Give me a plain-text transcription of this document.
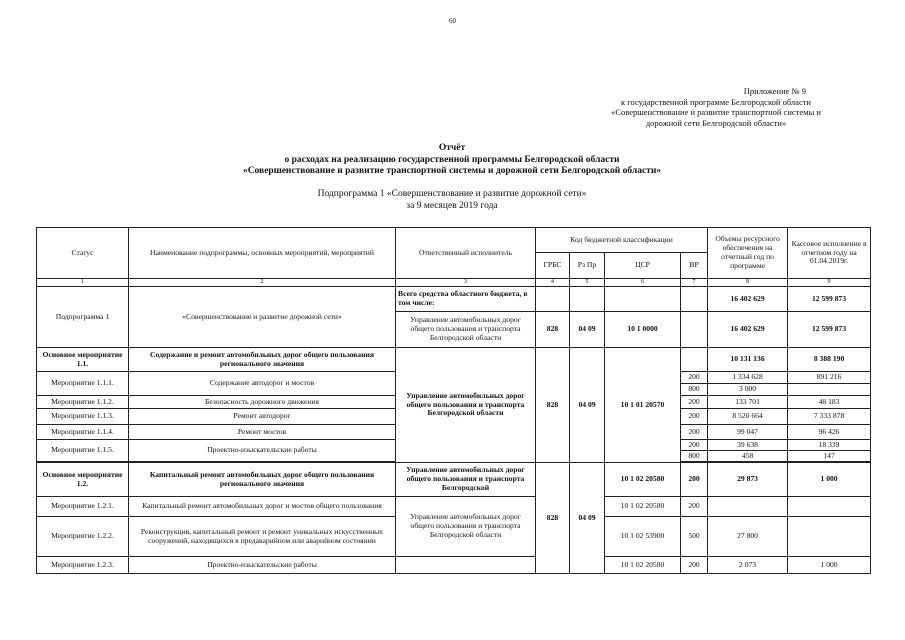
60
Приложение № 9
к государственной программе Белгородской области
«Совершенствование и развитие транспортной системы и
дорожной сети Белгородской области»
Отчёт
о расходах на реализацию государственной программы Белгородской области
«Совершенствование и развитие транспортной системы и дорожной сети Белгородской области»
Подпрограмма 1 «Совершенствование и развитие дорожной сети»
за 9 месяцев 2019 года
Статус	Наименование подпрограммы, основных мероприятий, мероприятий	Ответственный исполнитель	Код бюджетной классификации				Объемы ресурсного обеспечения на отчетный год по программе	Кассовое исполнение в отчетном году на 01.04.2019г.
			ГРБС	Рз Пр	ЦСР	ВР		
1	2	3	4	5	6	7	8	9
Подпрограмма 1	«Совершенствование и развитие дорожной сети»	Всего средства областного бюджета, в том числе:					16 402 629	12 599 873
		Управление автомобильных дорог общего пользования и транспорта Белгородской области	828	04 09	10 1 0000		16 402 629	12 599 873
Основное мероприятие 1.1.	Содержание и ремонт автомобильных дорог общего пользования регионального значения	Управление автомобильных дорог общего пользования и транспорта Белгородской области	828	04 09	10 1 01 20570		10 131 136	8 388 190
Мероприятие 1.1.1.	Содержание автодорог и мостов					200	1 334 628	891 216
						800	3 000	
Мероприятие 1.1.2.	Безопасность дорожного движения					200	133 701	48 183
Мероприятие 1.1.3.	Ремонт автодорог					200	8 520 664	7 333 878
Мероприятие 1.1.4.	Ремонт мостов					200	99 047	96 426
Мероприятие 1.1.5.	Проектно-изыскательские работы					200	39 638	18 339
						800	458	147

Основное мероприятие 1.2.	Капитальный ремонт автомобильных дорог общего пользования регионального значения	Управление автомобильных дорог общего пользования и транспорта Белгородской	828	04 09	10 1 02 20580	200	29 873	1 000
Мероприятие 1.2.1.	Капитальный ремонт автомобильных дорог и мостов общего пользования	Управление автомобильных дорог общего пользования и транспорта Белгородской области			10 1 02 20580	200		
Мероприятие 1.2.2.	Реконструкция, капитальный ремонт и ремонт уникальных искусственных сооружений, находящихся в предаварийном или аварийном состоянии				10 1 02 53900	500	27 800	
Мероприятие 1.2.3.	Проектно-изыскательские работы				10 1 02 20580	200	2 073	1 000
